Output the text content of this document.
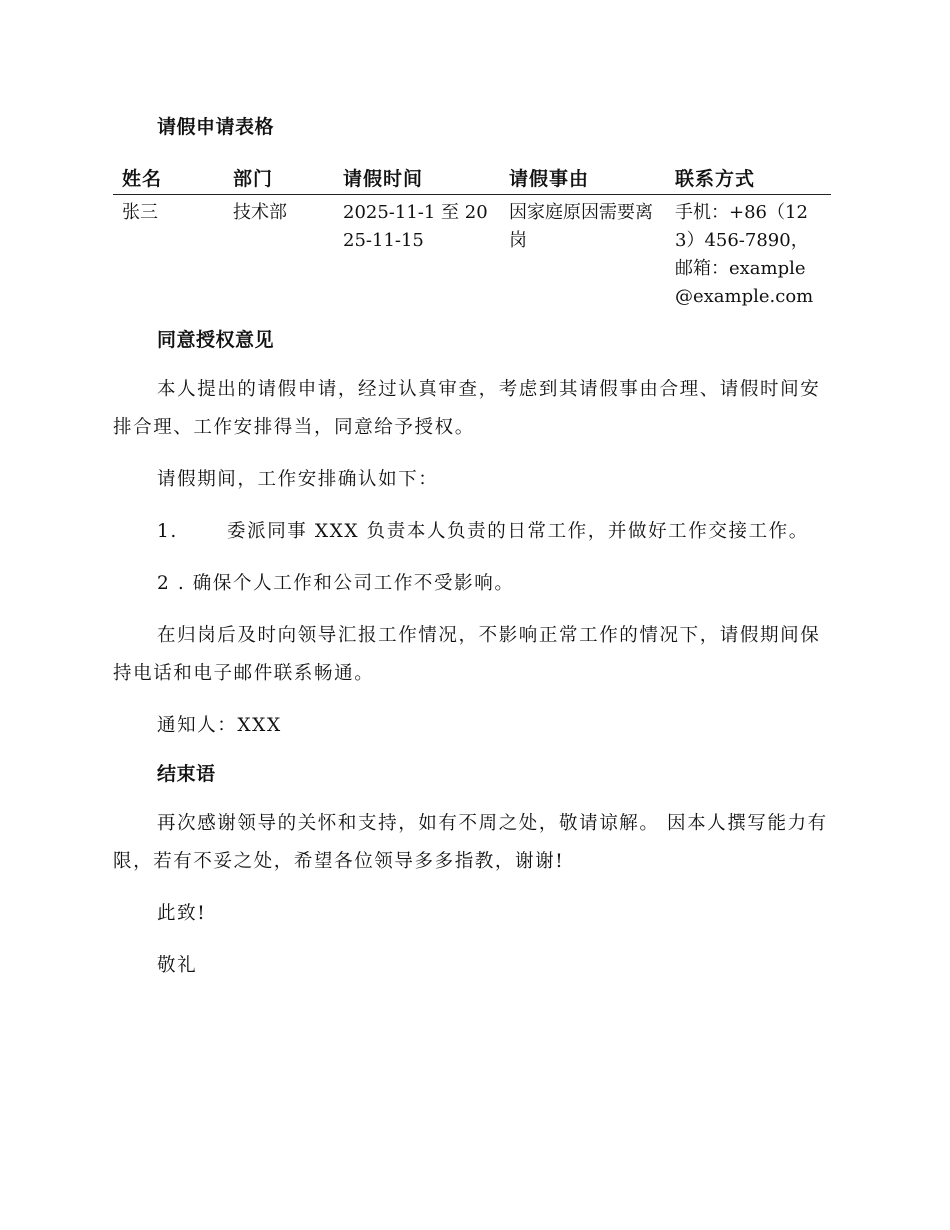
请假申请表格
姓名	部门	请假时间	请假事由	联系方式
张三	技术部	2025-11-1 至 2025-11-15	因家庭原因需要离岗	手机：+86（123）456-7890，邮箱：example@example.com
同意授权意见

本人提出的请假申请，经过认真审查，考虑到其请假事由合理、请假时间安排合理、工作安排得当，同意给予授权。

请假期间，工作安排确认如下：

1.	委派同事 XXX 负责本人负责的日常工作，并做好工作交接工作。

2 . 确保个人工作和公司工作不受影响。

在归岗后及时向领导汇报工作情况，不影响正常工作的情况下，请假期间保持电话和电子邮件联系畅通。

通知人：XXX

结束语

再次感谢领导的关怀和支持，如有不周之处，敬请谅解。 因本人撰写能力有限，若有不妥之处，希望各位领导多多指教，谢谢!

此致!

敬礼
